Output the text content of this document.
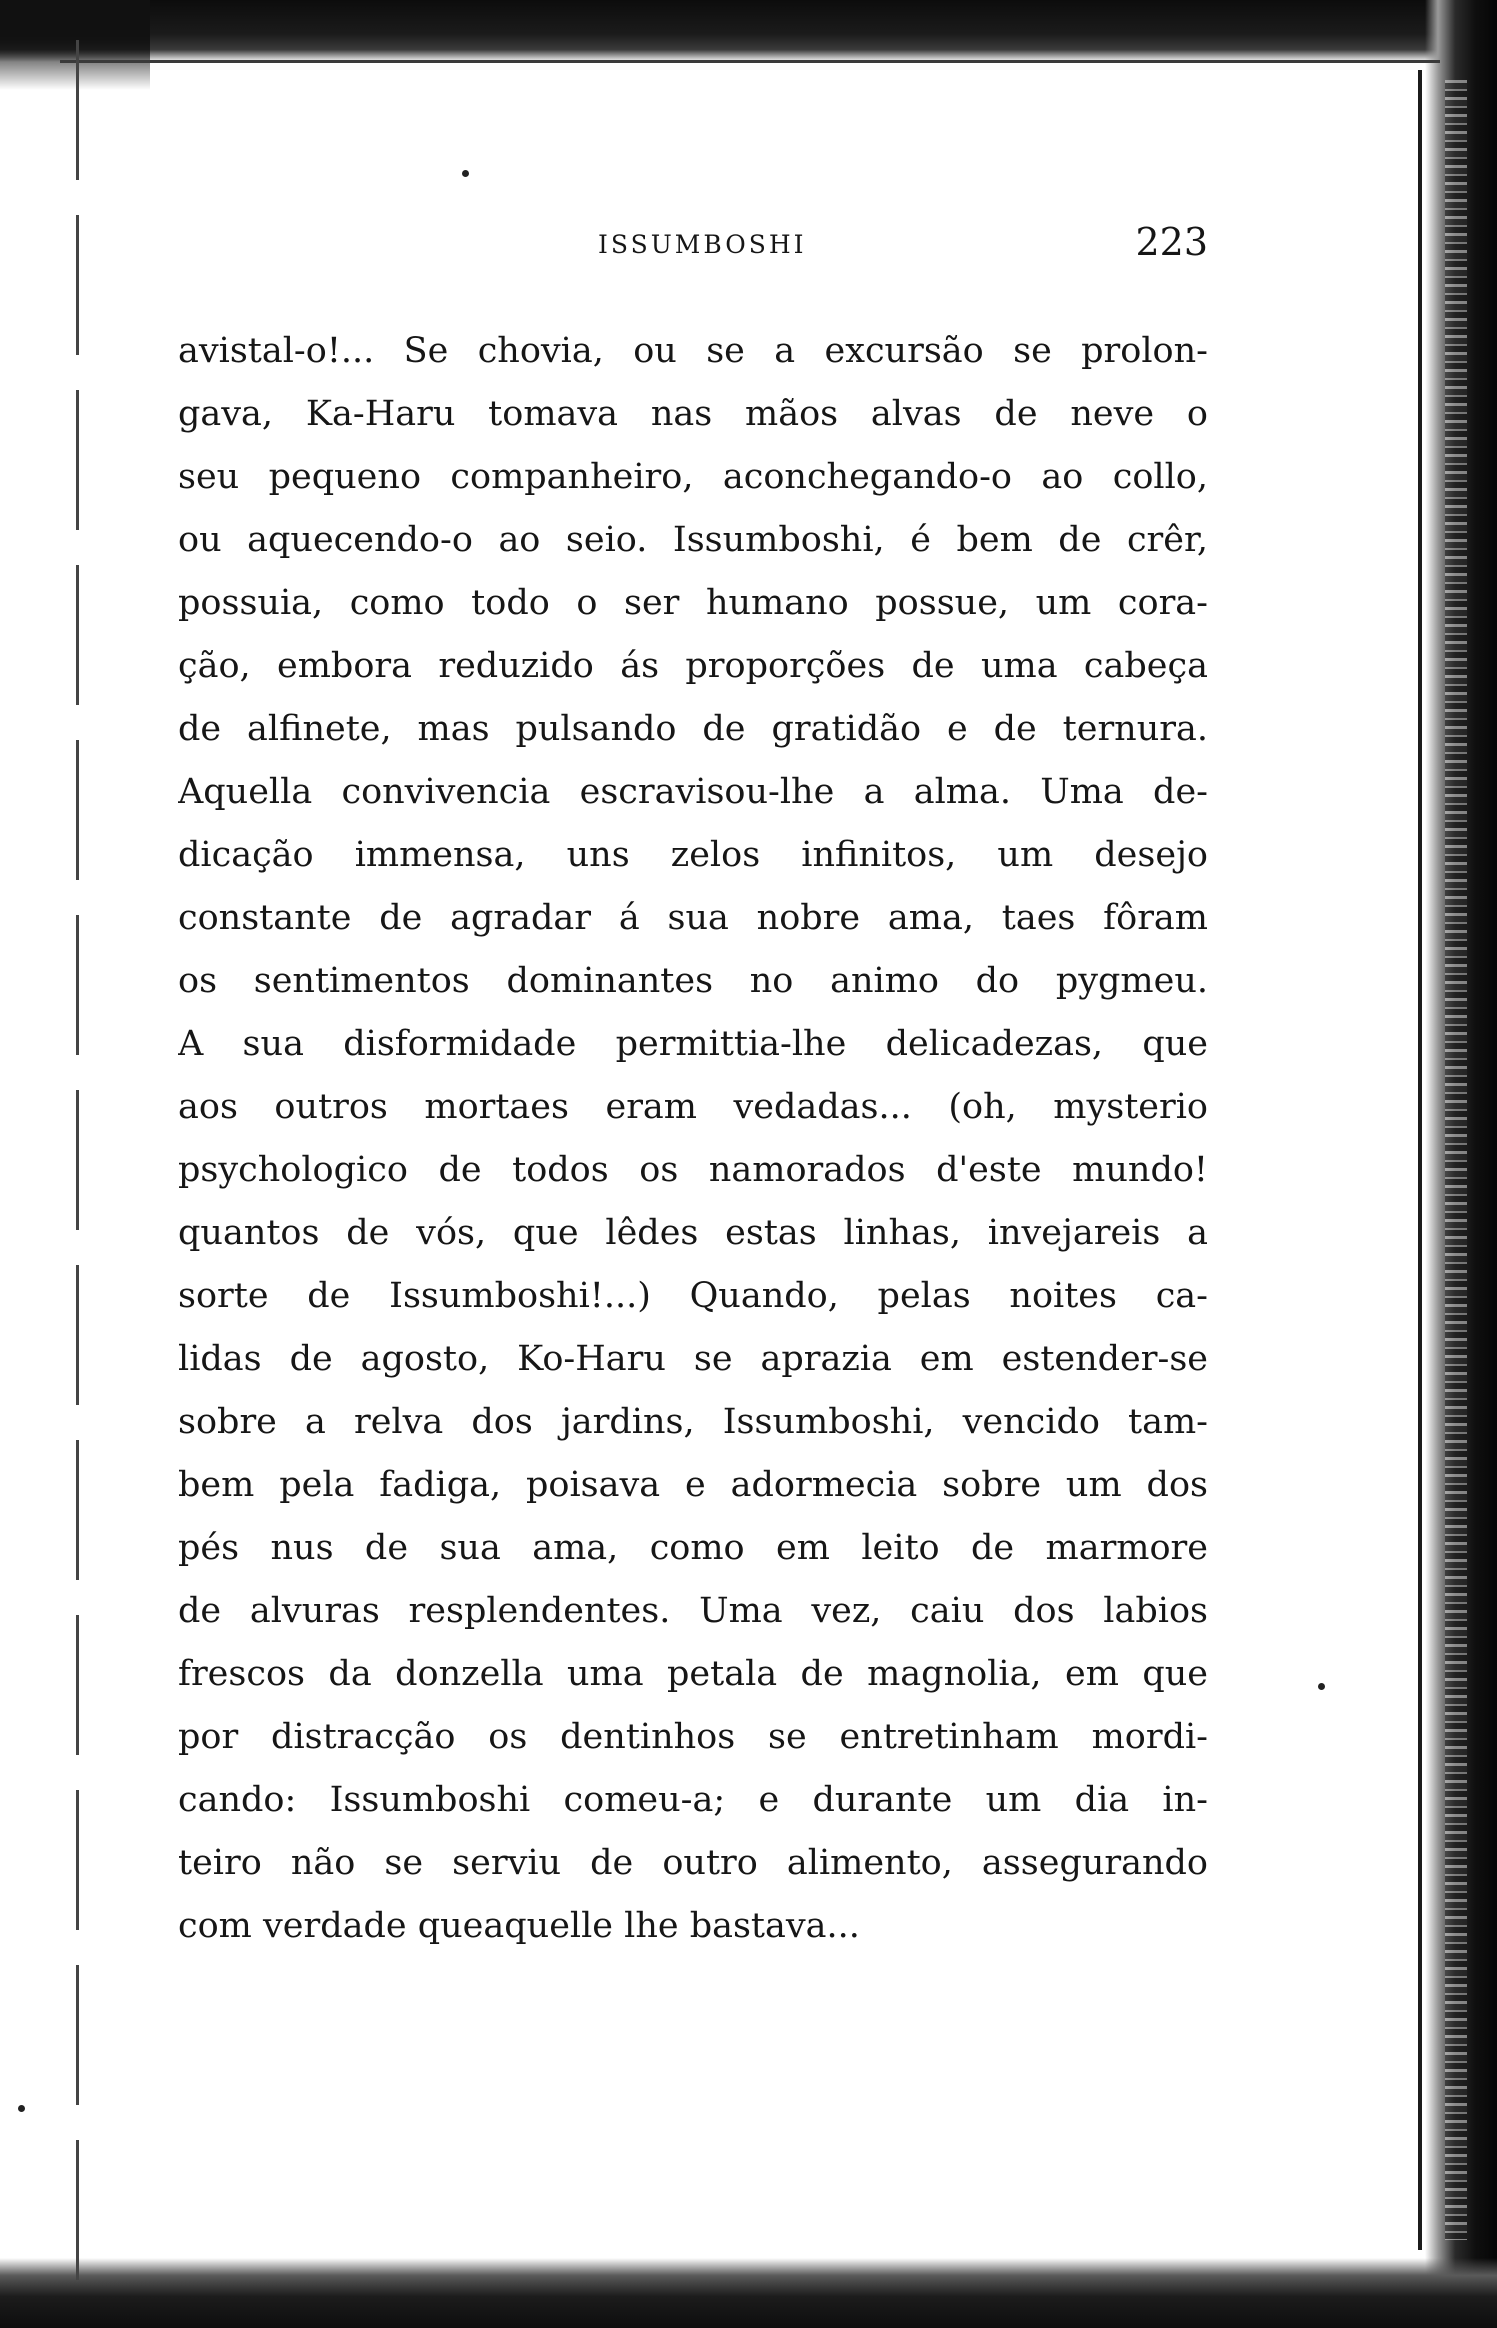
ISSUMBOSHI	223
avistal-o!... Se chovia, ou se a excursão se prolon-
gava, Ka-Haru tomava nas mãos alvas de neve o
seu pequeno companheiro, aconchegando-o ao collo,
ou aquecendo-o ao seio. Issumboshi, é bem de crêr,
possuia, como todo o ser humano possue, um cora-
ção, embora reduzido ás proporções de uma cabeça
de alfinete, mas pulsando de gratidão e de ternura.
Aquella convivencia escravisou-lhe a alma. Uma de-
dicação immensa, uns zelos infinitos, um desejo
constante de agradar á sua nobre ama, taes fôram
os sentimentos dominantes no animo do pygmeu.
A sua disformidade permittia-lhe delicadezas, que
aos outros mortaes eram vedadas... (oh, mysterio
psychologico de todos os namorados d'este mundo!
quantos de vós, que lêdes estas linhas, invejareis a
sorte de Issumboshi!...) Quando, pelas noites ca-
lidas de agosto, Ko-Haru se aprazia em estender-se
sobre a relva dos jardins, Issumboshi, vencido tam-
bem pela fadiga, poisava e adormecia sobre um dos
pés nus de sua ama, como em leito de marmore
de alvuras resplendentes. Uma vez, caiu dos labios
frescos da donzella uma petala de magnolia, em que
por distracção os dentinhos se entretinham mordi-
cando: Issumboshi comeu-a; e durante um dia in-
teiro não se serviu de outro alimento, assegurando
com verdade queaquelle lhe bastava...
